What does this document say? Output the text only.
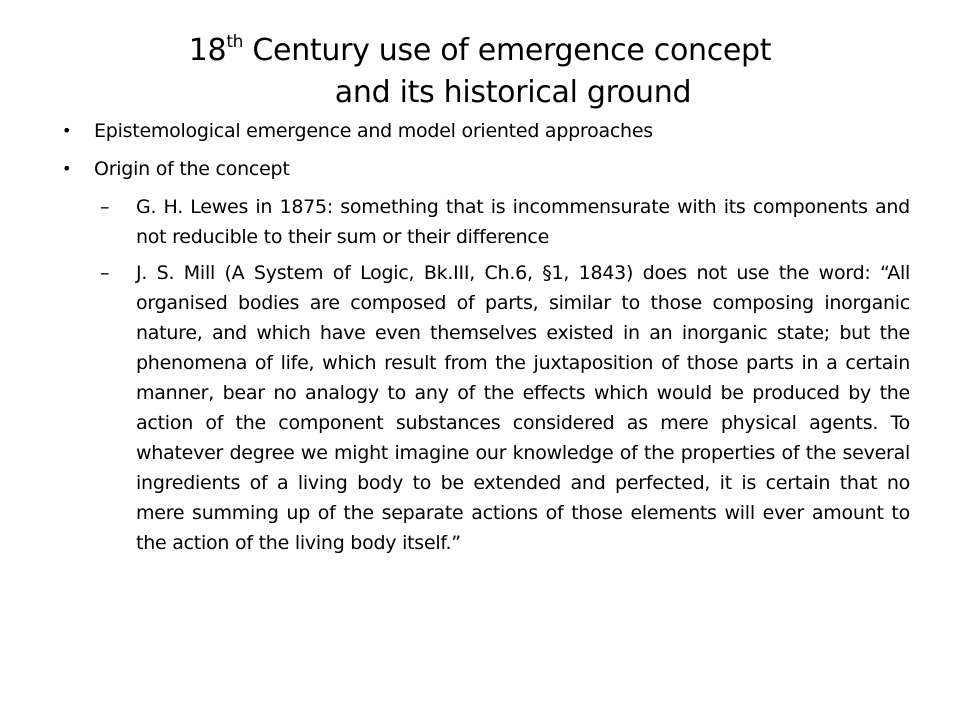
18th Century use of emergence concept
and its historical ground
• Epistemological emergence and model oriented approaches
• Origin of the concept
– G. H. Lewes in 1875: something that is incommensurate with its components and not reducible to their sum or their difference
– J. S. Mill (A System of Logic, Bk.III, Ch.6, §1, 1843) does not use the word: “All organised bodies are composed of parts, similar to those composing inorganic nature, and which have even themselves existed in an inorganic state; but the phenomena of life, which result from the juxtaposition of those parts in a certain manner, bear no analogy to any of the effects which would be produced by the action of the component substances considered as mere physical agents. To whatever degree we might imagine our knowledge of the properties of the several ingredients of a living body to be extended and perfected, it is certain that no mere summing up of the separate actions of those elements will ever amount to the action of the living body itself.”
